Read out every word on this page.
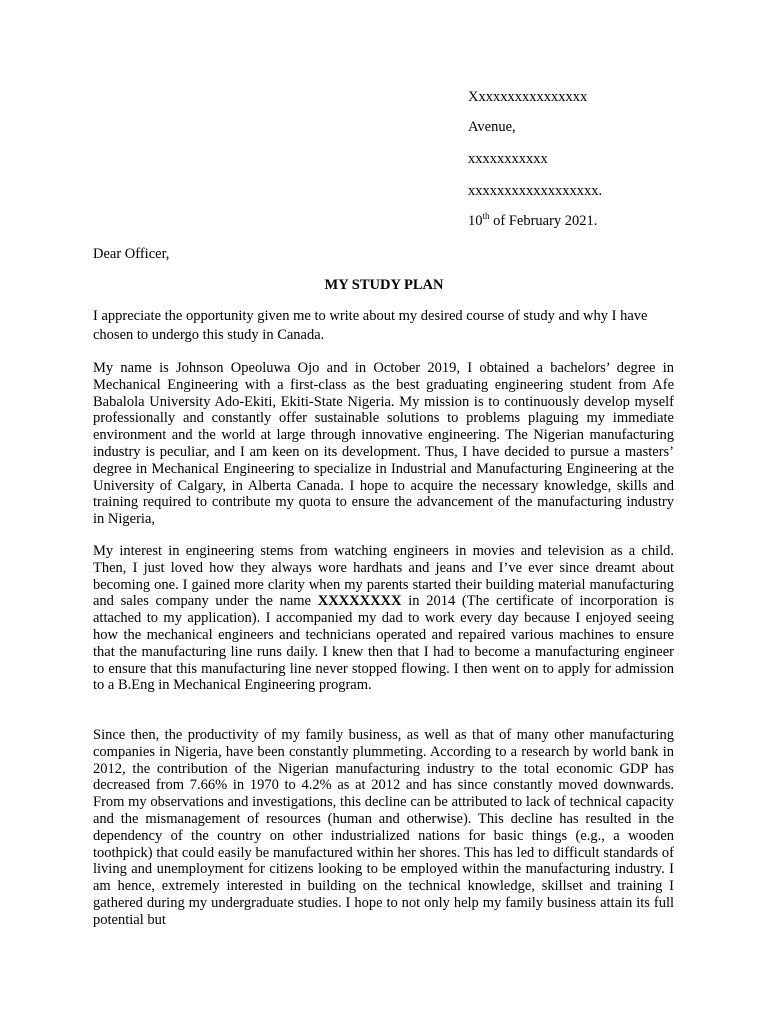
Xxxxxxxxxxxxxxxx
Avenue,
xxxxxxxxxxx
xxxxxxxxxxxxxxxxxx.
10th of February 2021.
Dear Officer,
MY STUDY PLAN
I appreciate the opportunity given me to write about my desired course of study and why I have chosen to undergo this study in Canada.
My name is Johnson Opeoluwa Ojo and in October 2019, I obtained a bachelors’ degree in Mechanical Engineering with a first-class as the best graduating engineering student from Afe Babalola University Ado-Ekiti, Ekiti-State Nigeria. My mission is to continuously develop myself professionally and constantly offer sustainable solutions to problems plaguing my immediate environment and the world at large through innovative engineering. The Nigerian manufacturing industry is peculiar, and I am keen on its development. Thus, I have decided to pursue a masters’ degree in Mechanical Engineering to specialize in Industrial and Manufacturing Engineering at the University of Calgary, in Alberta Canada. I hope to acquire the necessary knowledge, skills and training required to contribute my quota to ensure the advancement of the manufacturing industry in Nigeria,
My interest in engineering stems from watching engineers in movies and television as a child. Then, I just loved how they always wore hardhats and jeans and I’ve ever since dreamt about becoming one. I gained more clarity when my parents started their building material manufacturing and sales company under the name XXXXXXXX in 2014 (The certificate of incorporation is attached to my application). I accompanied my dad to work every day because I enjoyed seeing how the mechanical engineers and technicians operated and repaired various machines to ensure that the manufacturing line runs daily. I knew then that I had to become a manufacturing engineer to ensure that this manufacturing line never stopped flowing. I then went on to apply for admission to a B.Eng in Mechanical Engineering program.
Since then, the productivity of my family business, as well as that of many other manufacturing companies in Nigeria, have been constantly plummeting. According to a research by world bank in 2012, the contribution of the Nigerian manufacturing industry to the total economic GDP has decreased from 7.66% in 1970 to 4.2% as at 2012 and has since constantly moved downwards. From my observations and investigations, this decline can be attributed to lack of technical capacity and the mismanagement of resources (human and otherwise). This decline has resulted in the dependency of the country on other industrialized nations for basic things (e.g., a wooden toothpick) that could easily be manufactured within her shores. This has led to difficult standards of living and unemployment for citizens looking to be employed within the manufacturing industry. I am hence, extremely interested in building on the technical knowledge, skillset and training I gathered during my undergraduate studies. I hope to not only help my family business attain its full potential but
